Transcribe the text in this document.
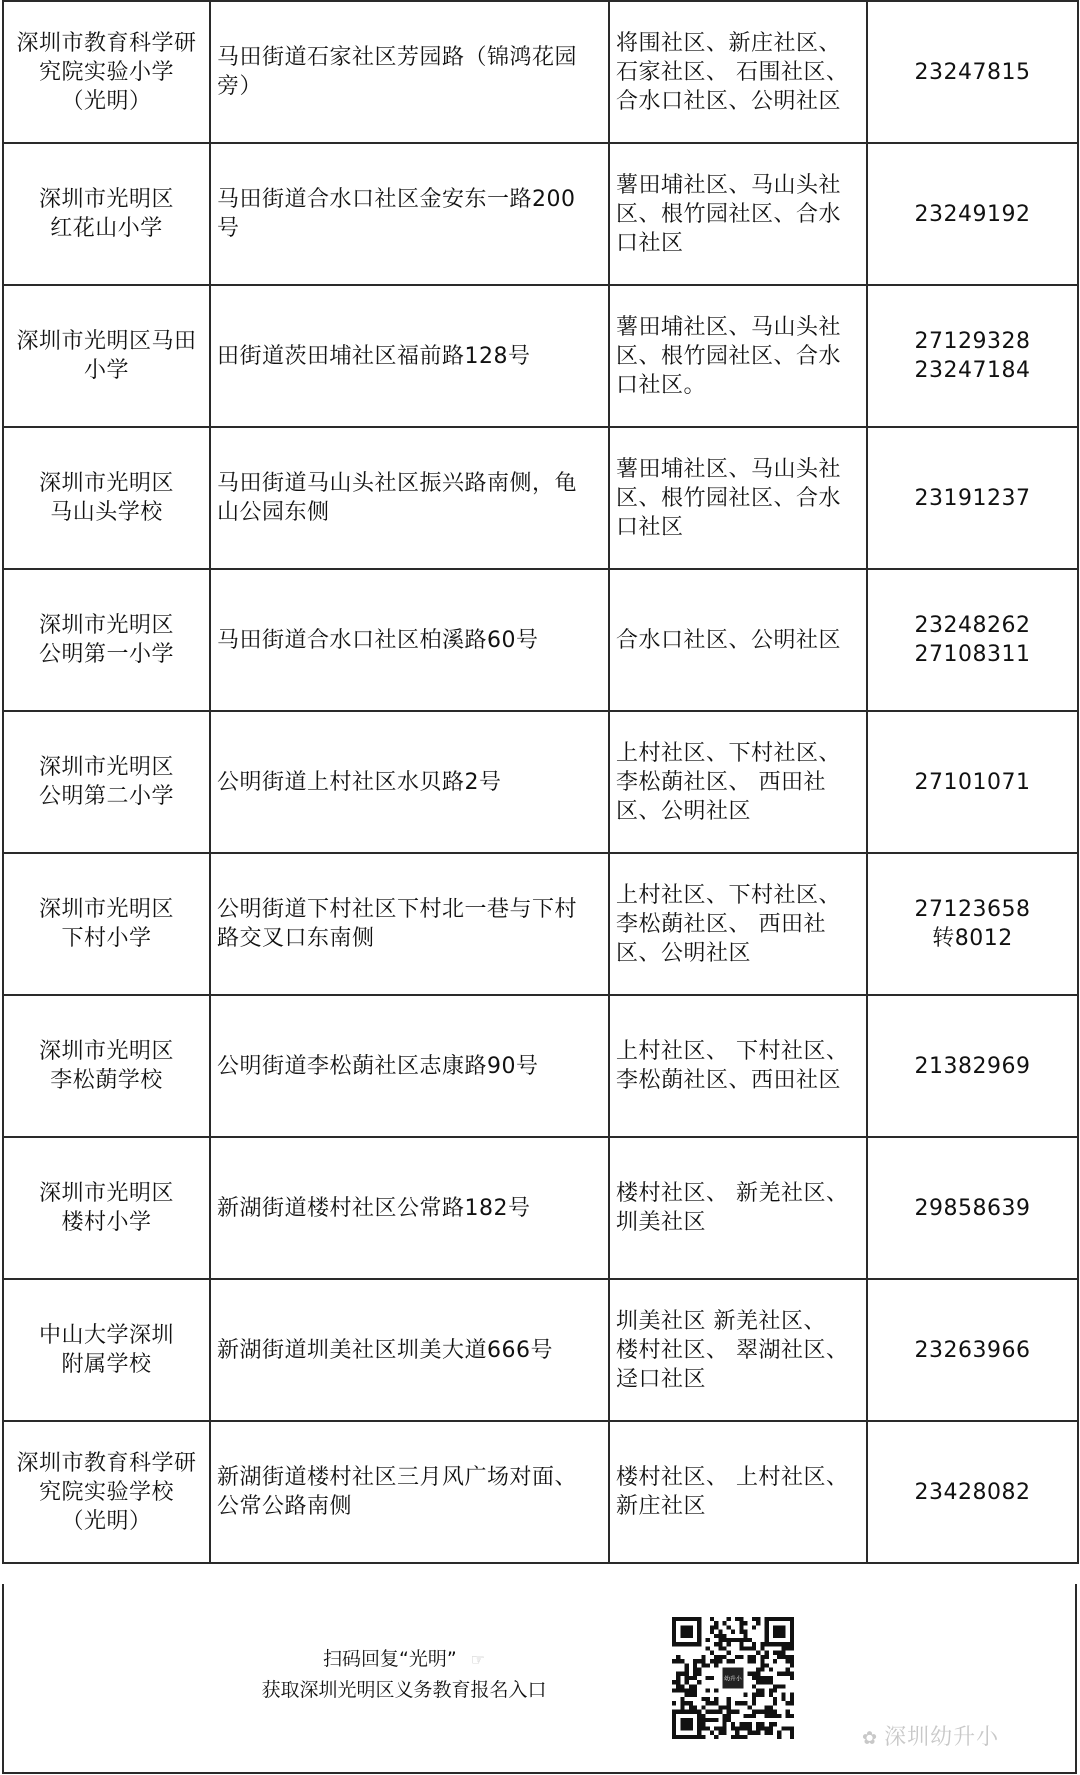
深圳市教育科学研
究院实验小学
（光明）	马田街道石家社区芳园路（锦鸿花园
旁）	将围社区、新庄社区、
石家社区、 石围社区、
合水口社区、公明社区	23247815

深圳市光明区
红花山小学	马田街道合水口社区金安东一路200
号	薯田埔社区、马山头社
区、根竹园社区、合水
口社区	23249192

深圳市光明区马田
小学	田街道茨田埔社区福前路128号	薯田埔社区、马山头社
区、根竹园社区、合水
口社区。	27129328
23247184

深圳市光明区
马山头学校	马田街道马山头社区振兴路南侧，龟
山公园东侧	薯田埔社区、马山头社
区、根竹园社区、合水
口社区	23191237

深圳市光明区
公明第一小学	马田街道合水口社区柏溪路60号	合水口社区、公明社区	23248262
27108311

深圳市光明区
公明第二小学	公明街道上村社区水贝路2号	上村社区、下村社区、
李松蓢社区、 西田社
区、公明社区	27101071

深圳市光明区
下村小学	公明街道下村社区下村北一巷与下村
路交叉口东南侧	上村社区、下村社区、
李松蓢社区、 西田社
区、公明社区	27123658
转8012

深圳市光明区
李松蓢学校	公明街道李松蓢社区志康路90号	上村社区、 下村社区、
李松蓢社区、西田社区	21382969

深圳市光明区
楼村小学	新湖街道楼村社区公常路182号	楼村社区、 新羌社区、
圳美社区	29858639

中山大学深圳
附属学校	新湖街道圳美社区圳美大道666号	圳美社区 新羌社区、
楼村社区、 翠湖社区、
迳口社区	23263966

深圳市教育科学研
究院实验学校
（光明）	新湖街道楼村社区三月风广场对面、
公常公路南侧	楼村社区、 上村社区、
新庄社区	23428082
扫码回复“光明” ☞
获取深圳光明区义务教育报名入口	幼升小
✿ 深圳幼升小
